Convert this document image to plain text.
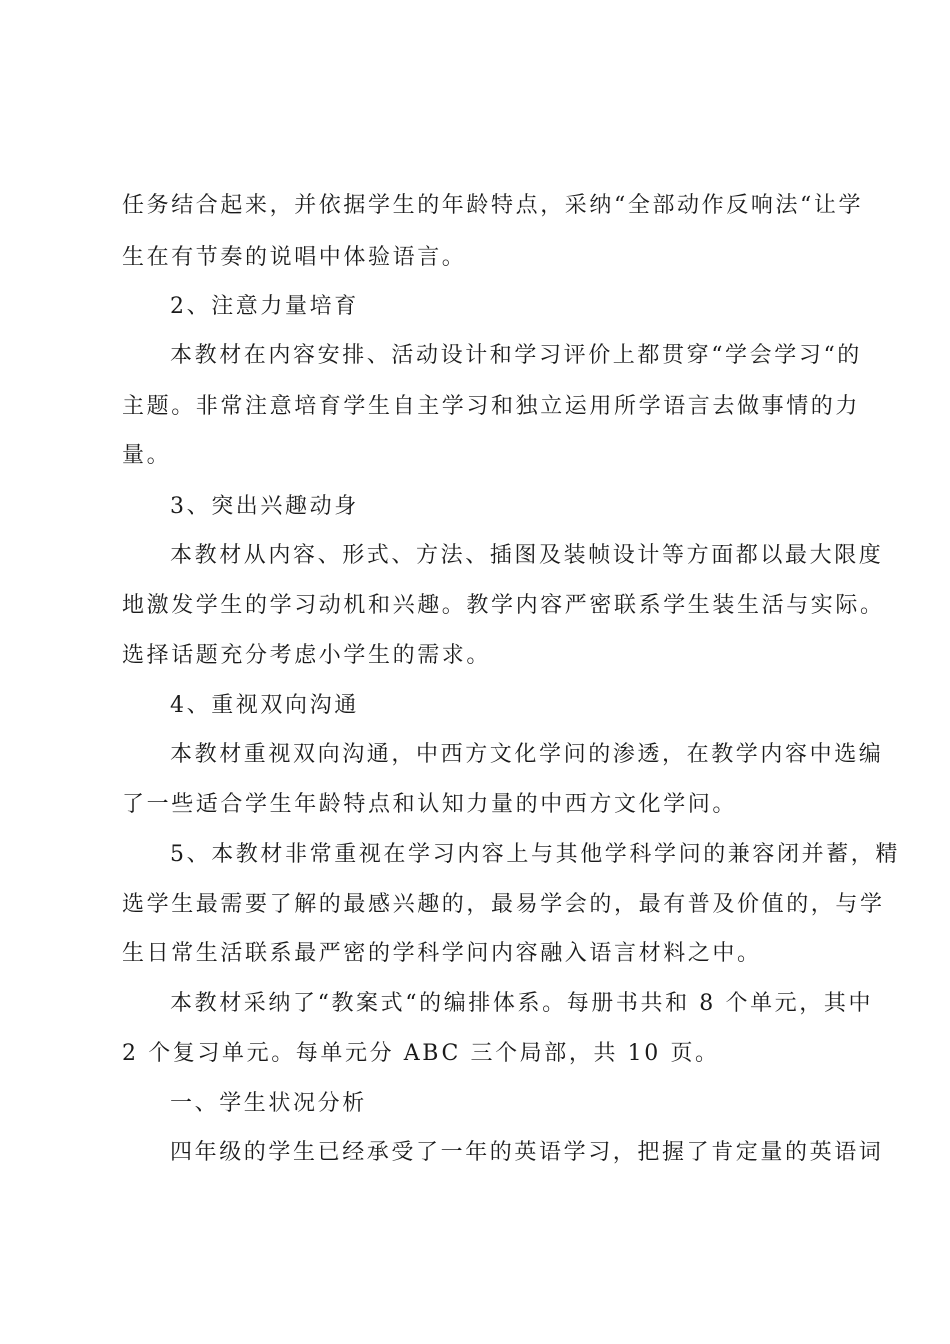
任务结合起来，并依据学生的年龄特点，采纳“全部动作反响法“让学
生在有节奏的说唱中体验语言。
2、注意力量培育
本教材在内容安排、活动设计和学习评价上都贯穿“学会学习“的
主题。非常注意培育学生自主学习和独立运用所学语言去做事情的力
量。
3、突出兴趣动身
本教材从内容、形式、方法、插图及装帧设计等方面都以最大限度
地激发学生的学习动机和兴趣。教学内容严密联系学生装生活与实际。
选择话题充分考虑小学生的需求。
4、重视双向沟通
本教材重视双向沟通，中西方文化学问的渗透，在教学内容中选编
了一些适合学生年龄特点和认知力量的中西方文化学问。
5、本教材非常重视在学习内容上与其他学科学问的兼容闭并蓄，精
选学生最需要了解的最感兴趣的，最易学会的，最有普及价值的，与学
生日常生活联系最严密的学科学问内容融入语言材料之中。
本教材采纳了“教案式“的编排体系。每册书共和 8 个单元，其中
2 个复习单元。每单元分 ABC 三个局部，共 10 页。
一、学生状况分析
四年级的学生已经承受了一年的英语学习，把握了肯定量的英语词
